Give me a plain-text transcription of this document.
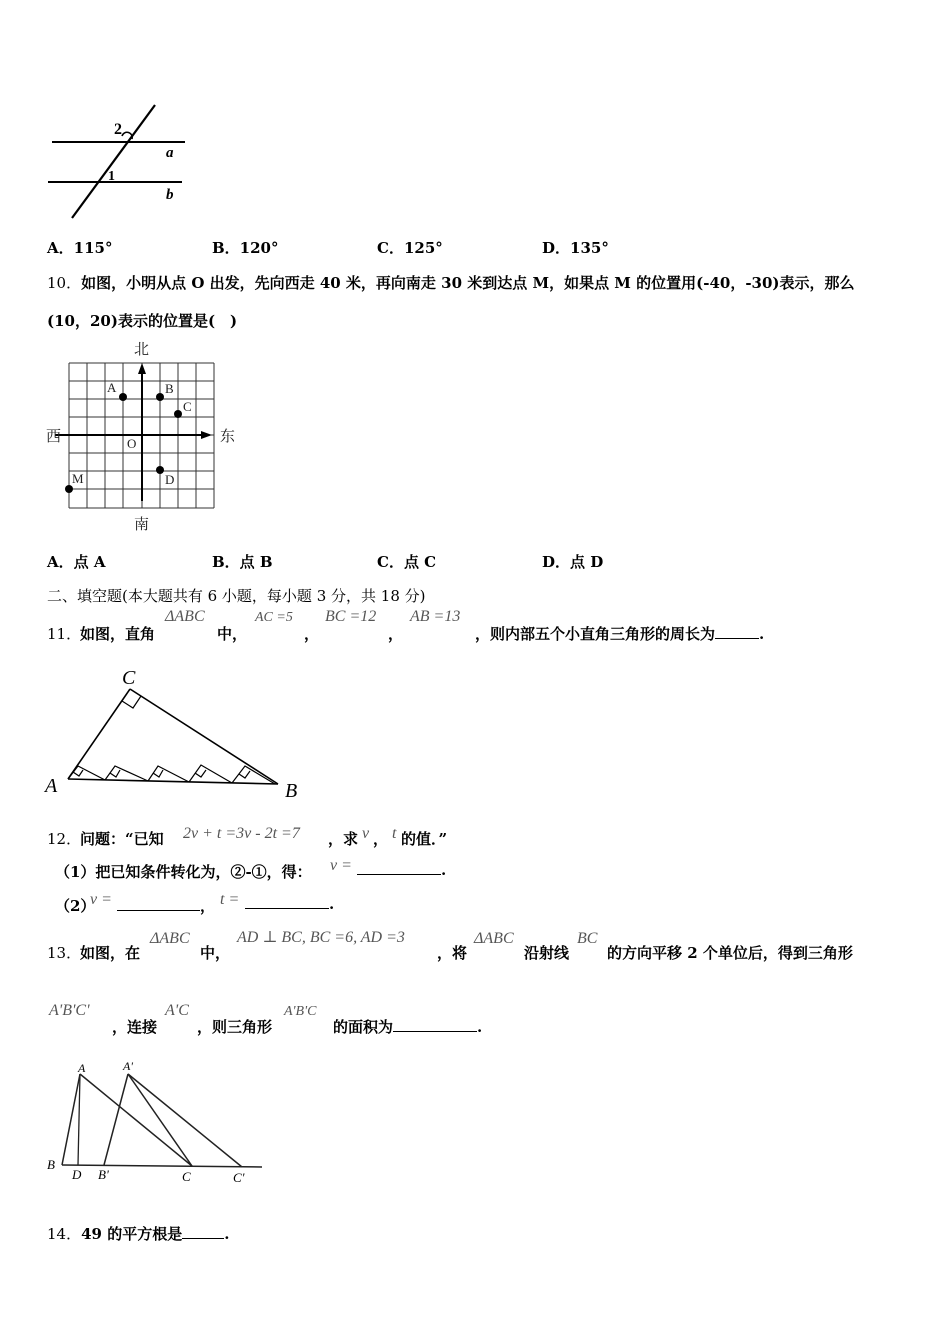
2
1
a
b
A．115°	B．120°	C．125°	D．135°
10．如图，小明从点 O 出发，先向西走 40 米，再向南走 30 米到达点 M，如果点 M 的位置用(-40，-30)表示，那么
(10，20)表示的位置是(　)
北
南
西	东
O
A	B
C
D
M
A．点 A	B．点 B	C．点 C	D．点 D
二、填空题(本大题共有 6 小题，每小题 3 分，共 18 分)
11．
如图，直角
ΔABC
中，
AC =5
，
BC =12
，
AB =13
，则内部五个小直角三角形的周长为	.
C
A	B
12．
问题：“已知 2v + t =3v - 2t =7 ，求 v ， t 的值．”
（1）把已知条件转化为，②-①，得： v =	.
（2）
v =	， t =	.
13．
如图，在
ΔABC
中，
AD ⊥ BC, BC =6, AD =3
，将
ΔABC
沿射线
BC
的方向平移 2 个单位后，得到三角形
A'B'C'
，连接
A'C
，则三角形
A'B'C
的面积为	.
A	A'
B
D B'	C	C'
14．49 的平方根是	.
